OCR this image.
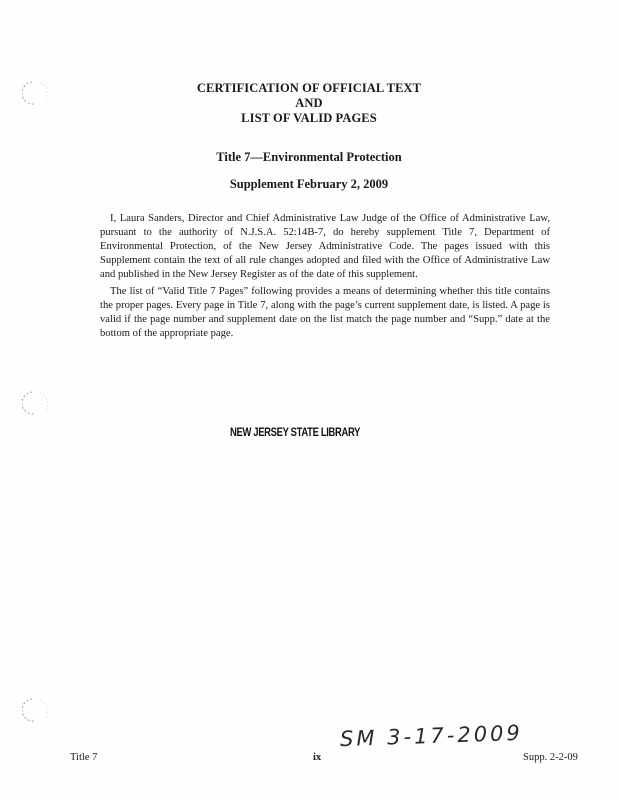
CERTIFICATION OF OFFICIAL TEXT
AND
LIST OF VALID PAGES
Title 7—Environmental Protection
Supplement February 2, 2009

I, Laura Sanders, Director and Chief Administrative Law Judge of the Office of Administrative Law, pursuant to the authority of N.J.S.A. 52:14B-7, do hereby supplement Title 7, Department of Environmental Protection, of the New Jersey Administrative Code. The pages issued with this Supplement contain the text of all rule changes adopted and filed with the Office of Administrative Law and published in the New Jersey Register as of the date of this supplement.

The list of “Valid Title 7 Pages” following provides a means of determining whether this title contains the proper pages. Every page in Title 7, along with the page’s current supplement date, is listed. A page is valid if the page number and supplement date on the list match the page number and “Supp.” date at the bottom of the appropriate page.

NEW JERSEY STATE LIBRARY
SM 3-17-2009
Title 7	ix	Supp. 2-2-09
